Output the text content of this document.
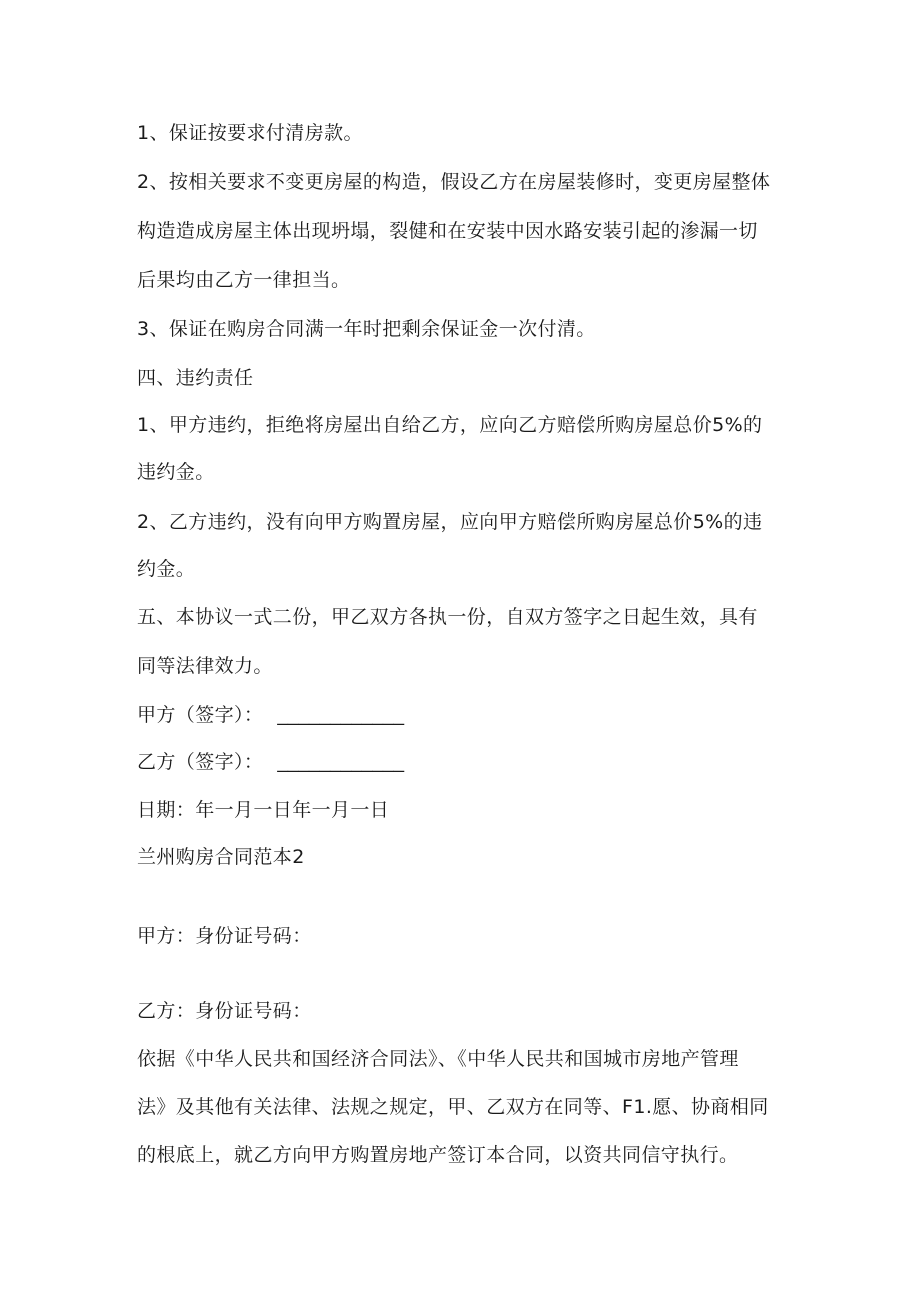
1、保证按要求付清房款。
2、按相关要求不变更房屋的构造，假设乙方在房屋装修时，变更房屋整体
构造造成房屋主体出现坍塌，裂健和在安装中因水路安装引起的渗漏一切
后果均由乙方一律担当。
3、保证在购房合同满一年时把剩余保证金一次付清。
四、违约责任
1、甲方违约，拒绝将房屋出自给乙方，应向乙方赔偿所购房屋总价5%的
违约金。
2、乙方违约，没有向甲方购置房屋，应向甲方赔偿所购房屋总价5%的违
约金。
五、本协议一式二份，甲乙双方各执一份，自双方签字之日起生效，具有
同等法律效力。
甲方（签字）： ____________
乙方（签字）： ____________
日期：年一月一日年一月一日
兰州购房合同范本2
甲方：身份证号码：
乙方：身份证号码：
依据《中华人民共和国经济合同法》、《中华人民共和国城市房地产管理
法》及其他有关法律、法规之规定，甲、乙双方在同等、F1.愿、协商相同
的根底上，就乙方向甲方购置房地产签订本合同，以资共同信守执行。
